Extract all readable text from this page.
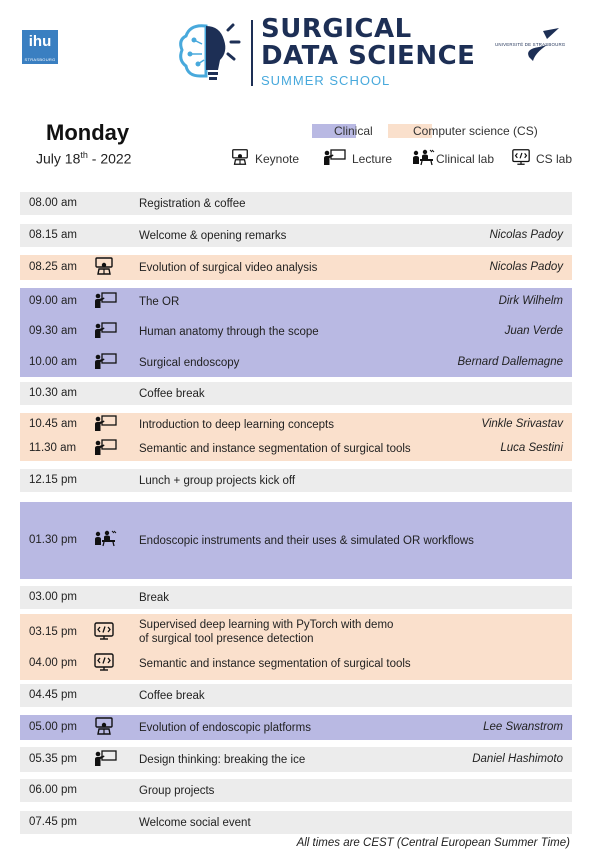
ihu
STRASBOURG
SURGICAL
DATA SCIENCE
SUMMER SCHOOL
UNIVERSITÉ DE STRASBOURG
Monday
July 18th - 2022
Clinical	Computer science (CS)
Keynote	Lecture	Clinical lab	CS lab
08.00 am	Registration & coffee
08.15 am	Welcome & opening remarks	Nicolas Padoy
08.25 am	Evolution of surgical video analysis	Nicolas Padoy
09.00 am	The OR	Dirk Wilhelm
09.30 am	Human anatomy through the scope	Juan Verde
10.00 am	Surgical endoscopy	Bernard Dallemagne
10.30 am	Coffee break
10.45 am	Introduction to deep learning concepts	Vinkle Srivastav
11.30 am	Semantic and instance segmentation of surgical tools	Luca Sestini
12.15 pm	Lunch + group projects kick off
01.30 pm	Endoscopic instruments and their uses & simulated OR workflows
03.00 pm	Break
03.15 pm
Supervised deep learning with PyTorch with demo
of surgical tool presence detection
04.00 pm	Semantic and instance segmentation of surgical tools
04.45 pm	Coffee break
05.00 pm	Evolution of endoscopic platforms	Lee Swanstrom
05.35 pm	Design thinking: breaking the ice	Daniel Hashimoto
06.00 pm	Group projects
07.45 pm	Welcome social event
All times are CEST (Central European Summer Time)
